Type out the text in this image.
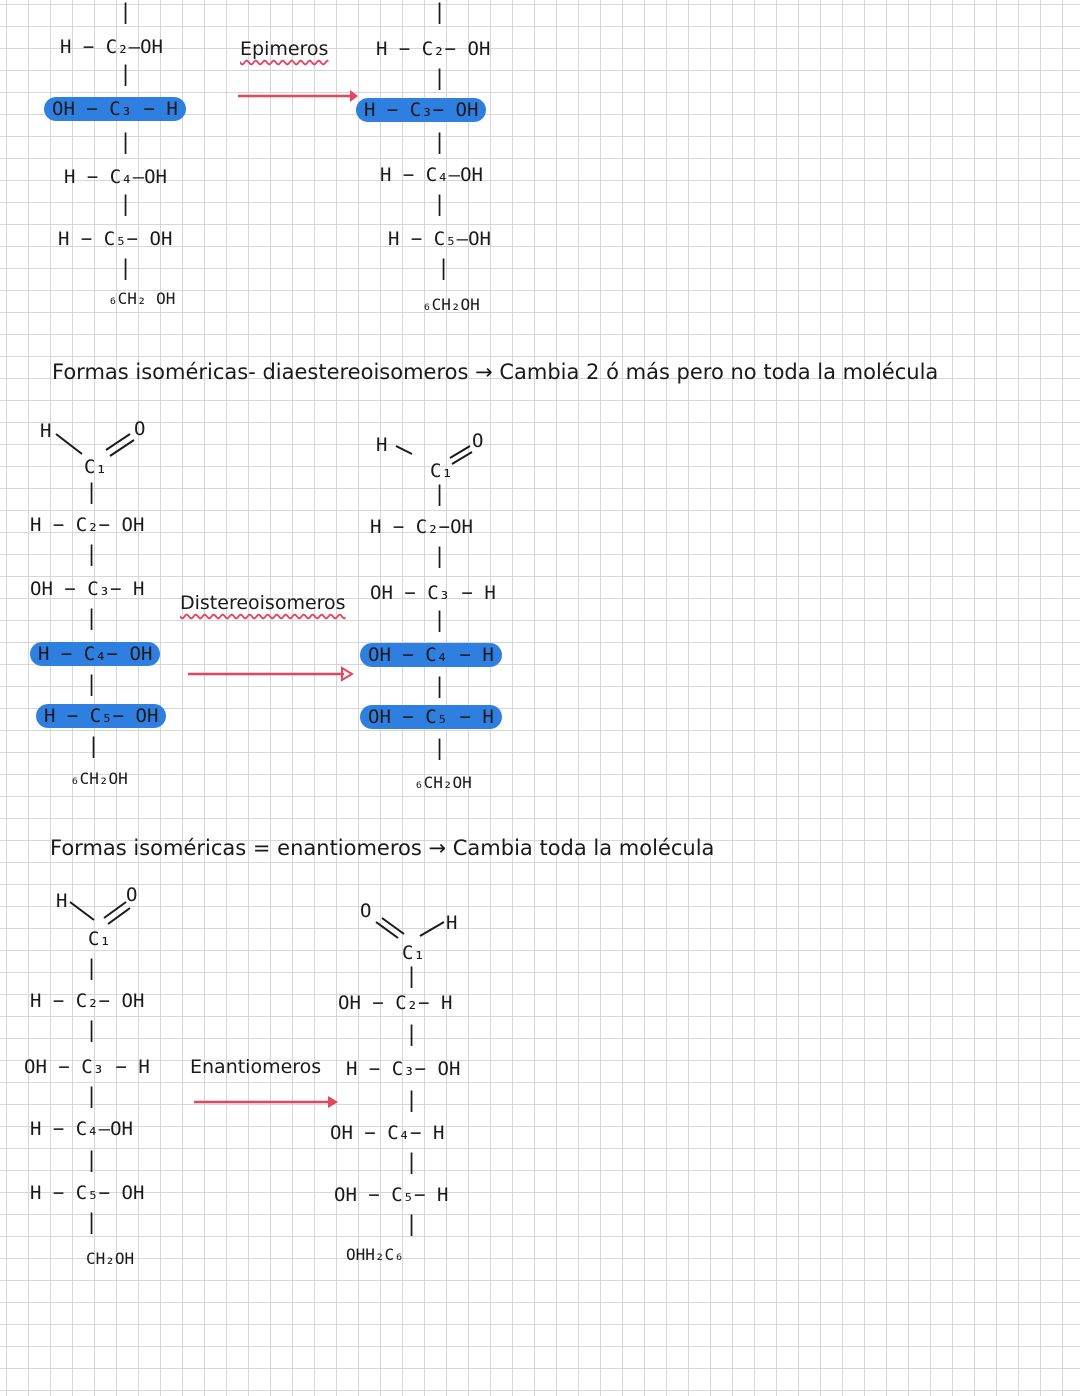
|
H − C₂—OH
|
OH − C₃ − H
|
H − C₄—OH
|
H − C₅− OH
|
₆CH₂ OH
Epimeros
|
H − C₂− OH
|
H − C₃− OH
|
H − C₄—OH
|
H − C₅—OH
|
₆CH₂OH
Formas isoméricas- diaestereoisomeros → Cambia 2 ó más pero no toda la molécula
H	O
C₁
|
H − C₂− OH
|
OH − C₃− H
|
H − C₄− OH
|
H − C₅− OH
|
₆CH₂OH
Distereoisomeros
H	O
C₁
|
H − C₂−OH
|
OH − C₃ − H
|
OH − C₄ − H
|
OH − C₅ − H
|
₆CH₂OH
Formas isoméricas = enantiomeros → Cambia toda la molécula
H	O
C₁
|
H − C₂− OH
|
OH − C₃ − H
|
H − C₄—OH
|
H − C₅− OH
|
CH₂OH
Enantiomeros
O
H
C₁
|
OH − C₂− H
|
H − C₃− OH
|
OH − C₄− H
|
OH − C₅− H
|
OHH₂C₆
